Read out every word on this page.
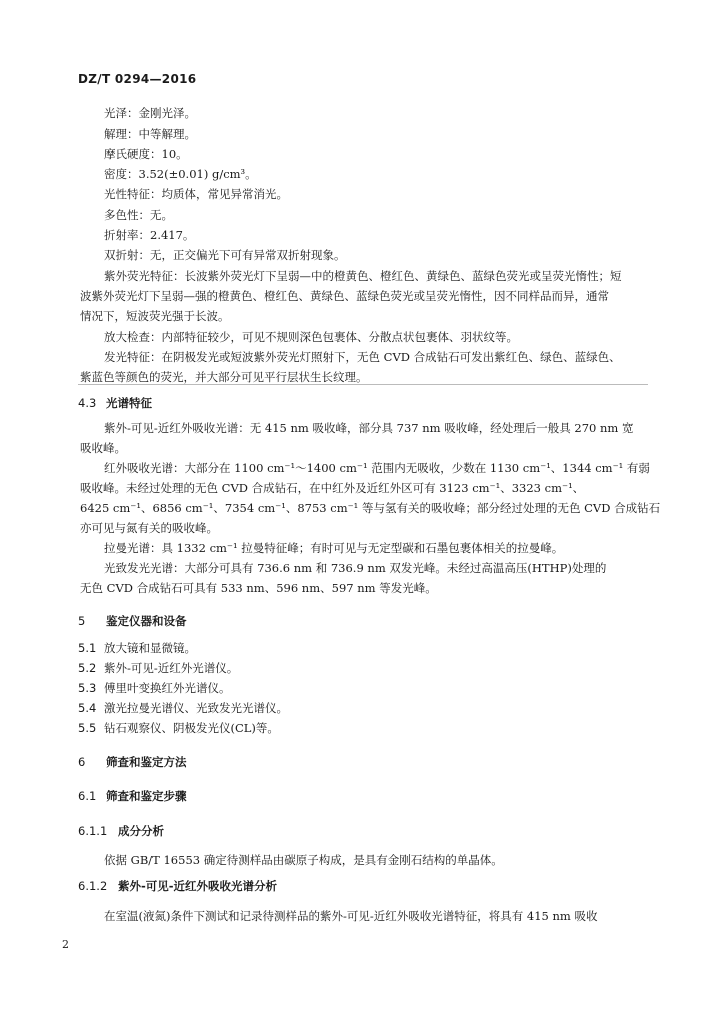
DZ/T 0294—2016
光泽：金刚光泽。
解理：中等解理。
摩氏硬度：10。
密度：3.52(±0.01) g/cm³。
光性特征：均质体，常见异常消光。
多色性：无。
折射率：2.417。
双折射：无，正交偏光下可有异常双折射现象。
紫外荧光特征：长波紫外荧光灯下呈弱—中的橙黄色、橙红色、黄绿色、蓝绿色荧光或呈荧光惰性；短
波紫外荧光灯下呈弱—强的橙黄色、橙红色、黄绿色、蓝绿色荧光或呈荧光惰性，因不同样品而异，通常
情况下，短波荧光强于长波。
放大检查：内部特征较少，可见不规则深色包裹体、分散点状包裹体、羽状纹等。
发光特征：在阴极发光或短波紫外荧光灯照射下，无色 CVD 合成钻石可发出紫红色、绿色、蓝绿色、
紫蓝色等颜色的荧光，并大部分可见平行层状生长纹理。
4.3 光谱特征
紫外-可见-近红外吸收光谱：无 415 nm 吸收峰，部分具 737 nm 吸收峰，经处理后一般具 270 nm 宽
吸收峰。
红外吸收光谱：大部分在 1100 cm⁻¹～1400 cm⁻¹ 范围内无吸收，少数在 1130 cm⁻¹、1344 cm⁻¹ 有弱
吸收峰。未经过处理的无色 CVD 合成钻石，在中红外及近红外区可有 3123 cm⁻¹、3323 cm⁻¹、
6425 cm⁻¹、6856 cm⁻¹、7354 cm⁻¹、8753 cm⁻¹ 等与氢有关的吸收峰；部分经过处理的无色 CVD 合成钻石
亦可见与氮有关的吸收峰。
拉曼光谱：具 1332 cm⁻¹ 拉曼特征峰；有时可见与无定型碳和石墨包裹体相关的拉曼峰。
光致发光光谱：大部分可具有 736.6 nm 和 736.9 nm 双发光峰。未经过高温高压(HTHP)处理的
无色 CVD 合成钻石可具有 533 nm、596 nm、597 nm 等发光峰。
5 鉴定仪器和设备
5.1 放大镜和显微镜。
5.2 紫外-可见-近红外光谱仪。
5.3 傅里叶变换红外光谱仪。
5.4 激光拉曼光谱仪、光致发光光谱仪。
5.5 钻石观察仪、阴极发光仪(CL)等。
6 筛查和鉴定方法
6.1 筛查和鉴定步骤
6.1.1 成分分析
依据 GB/T 16553 确定待测样品由碳原子构成，是具有金刚石结构的单晶体。
6.1.2 紫外-可见-近红外吸收光谱分析
在室温(液氮)条件下测试和记录待测样品的紫外-可见-近红外吸收光谱特征，将具有 415 nm 吸收
2
